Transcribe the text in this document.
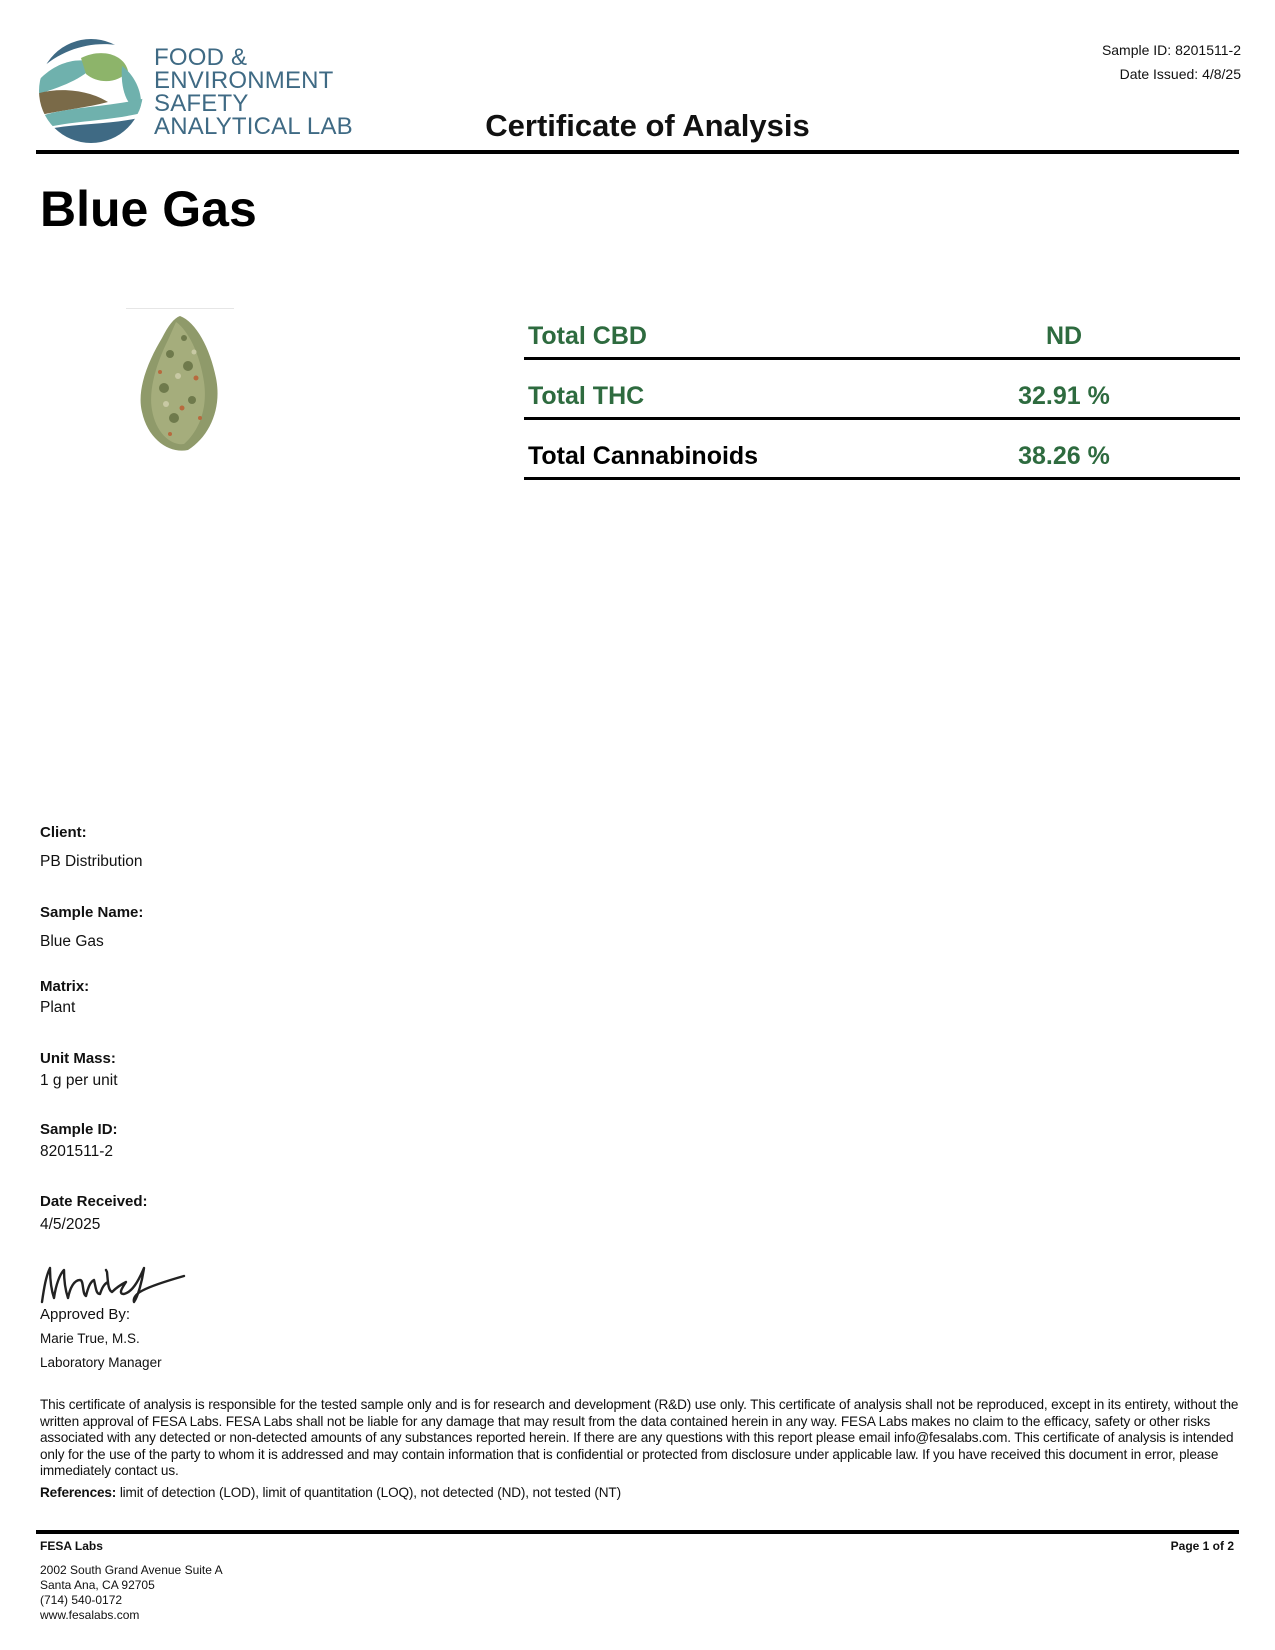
FOOD &
ENVIRONMENT
SAFETY
ANALYTICAL LAB
Sample ID: 8201511-2
Date Issued: 4/8/25
Certificate of Analysis
Blue Gas
Total CBD	ND
Total THC	32.91 %
Total Cannabinoids	38.26 %
Client:
PB Distribution
Sample Name:
Blue Gas
Matrix:
Plant
Unit Mass:
1 g per unit
Sample ID:
8201511-2
Date Received:
4/5/2025
Approved By:
Marie True, M.S.
Laboratory Manager
This certificate of analysis is responsible for the tested sample only and is for research and development (R&D) use only. This certificate of analysis shall not be reproduced, except in its entirety, without the written approval of FESA Labs. FESA Labs shall not be liable for any damage that may result from the data contained herein in any way. FESA Labs makes no claim to the efficacy, safety or other risks associated with any detected or non-detected amounts of any substances reported herein. If there are any questions with this report please email info@fesalabs.com. This certificate of analysis is intended only for the use of the party to whom it is addressed and may contain information that is confidential or protected from disclosure under applicable law. If you have received this document in error, please immediately contact us.
References: limit of detection (LOD), limit of quantitation (LOQ), not detected (ND), not tested (NT)
FESA Labs	Page 1 of 2
2002 South Grand Avenue Suite A
Santa Ana, CA 92705
(714) 540-0172
www.fesalabs.com
